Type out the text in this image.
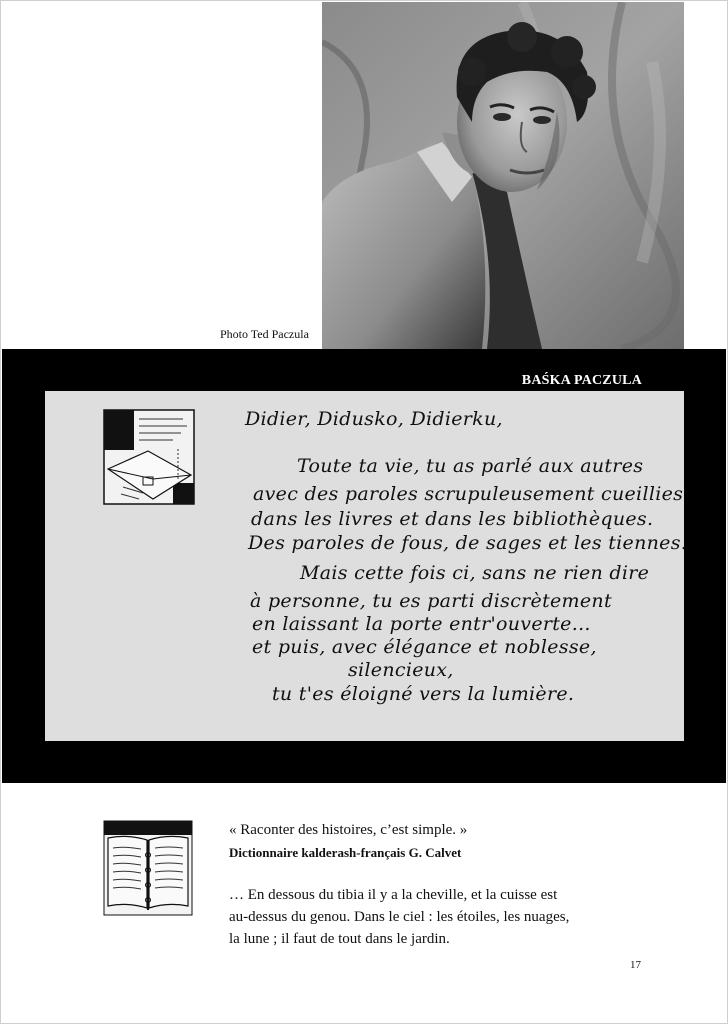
Photo Ted Paczula
BAŚKA PACZULA
Didier, Didusko, Didierku,
Toute ta vie, tu as parlé aux autres
avec des paroles scrupuleusement cueillies
dans les livres et dans les bibliothèques.
Des paroles de fous, de sages et les tiennes.
Mais cette fois ci, sans ne rien dire
à personne, tu es parti discrètement
en laissant la porte entr'ouverte...
et puis, avec élégance et noblesse,
silencieux,
tu t'es éloigné vers la lumière.
« Raconter des histoires, c’est simple. »
Dictionnaire kalderash-français G. Calvet
… En dessous du tibia il y a la cheville, et la cuisse est
au-dessus du genou. Dans le ciel : les étoiles, les nuages,
la lune ; il faut de tout dans le jardin.
17
